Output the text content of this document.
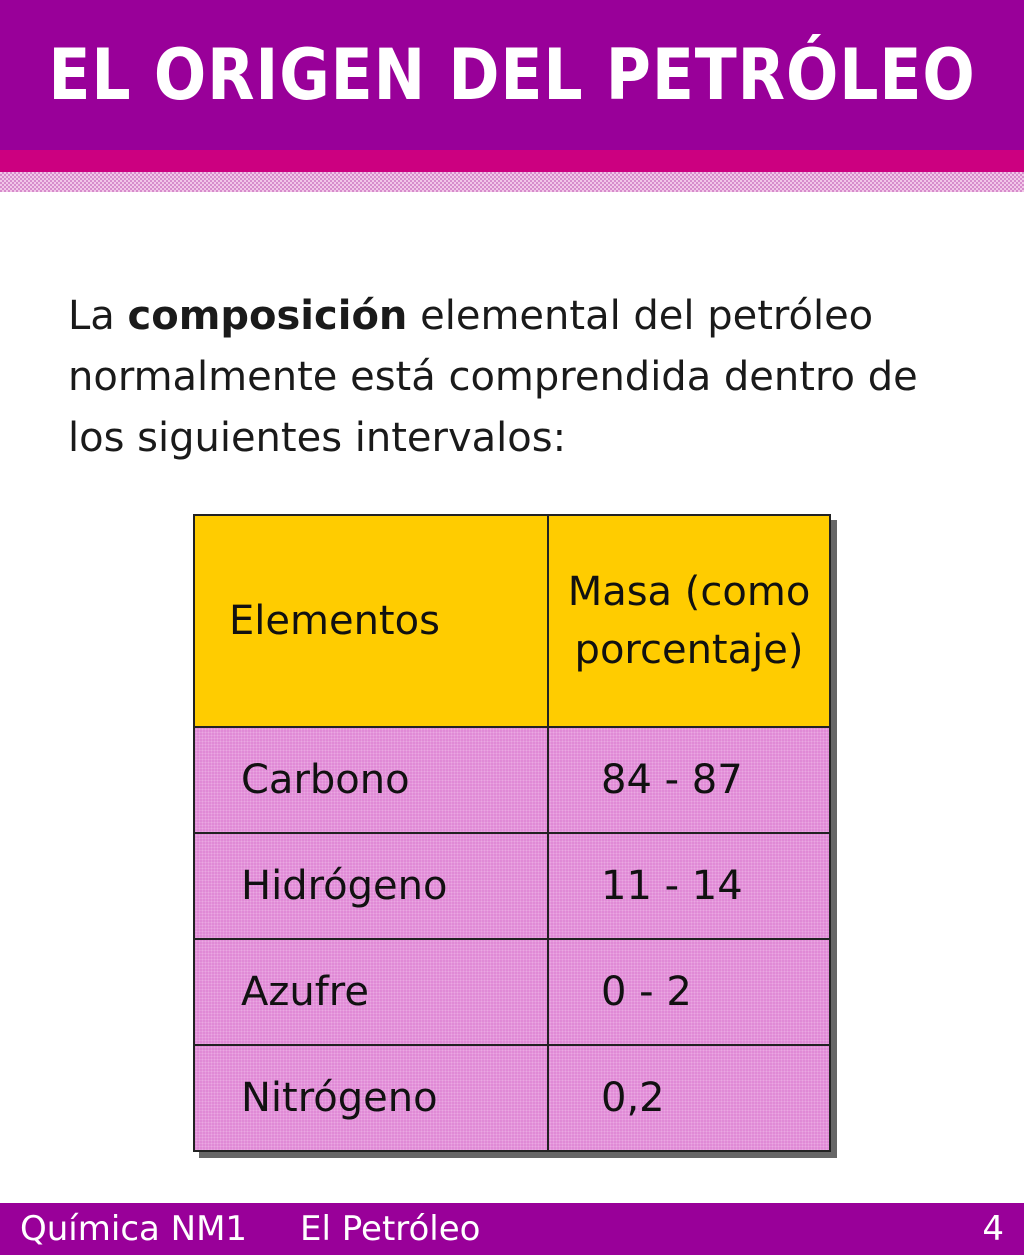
EL ORIGEN DEL PETRÓLEO

La composición elemental del petróleo normalmente está comprendida dentro de los siguientes intervalos:

Elementos	Masa (como porcentaje)
Carbono	84 - 87
Hidrógeno	11 - 14
Azufre	0 - 2
Nitrógeno	0,2
Química NM1 El Petróleo	4
